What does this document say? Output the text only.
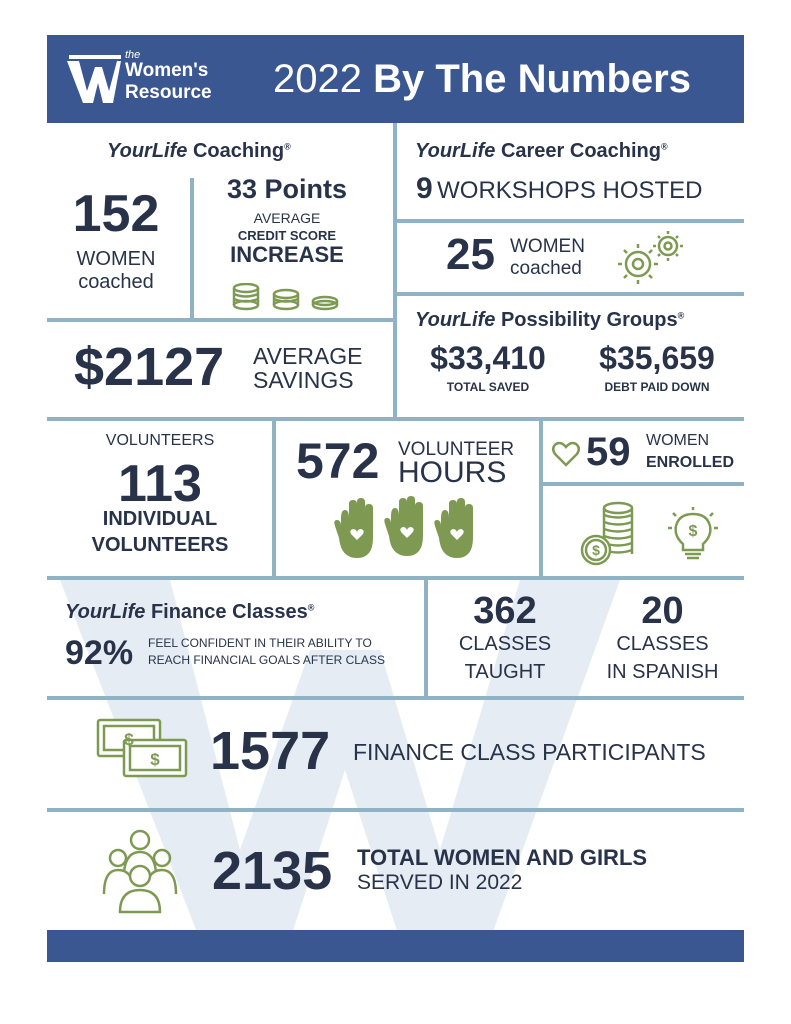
the
Women's
Resource 2022 By The Numbers
YourLife Coaching®
152
WOMEN
coached
33 Points
AVERAGE
CREDIT SCORE
INCREASE
YourLife Career Coaching®
9 WORKSHOPS HOSTED
25 WOMEN
coached
$2127 AVERAGE
SAVINGS
YourLife Possibility Groups®
$33,410
TOTAL SAVED
$35,659
DEBT PAID DOWN
VOLUNTEERS
113
INDIVIDUAL
VOLUNTEERS
572 VOLUNTEER
HOURS 59 WOMEN
ENROLLED
$
$
YourLife Finance Classes®
92% FEEL CONFIDENT IN THEIR ABILITY TO
REACH FINANCIAL GOALS AFTER CLASS
362
CLASSES
TAUGHT
20
CLASSES
IN SPANISH
$
$ 1577 FINANCE CLASS PARTICIPANTS
2135 TOTAL WOMEN AND GIRLS
SERVED IN 2022
